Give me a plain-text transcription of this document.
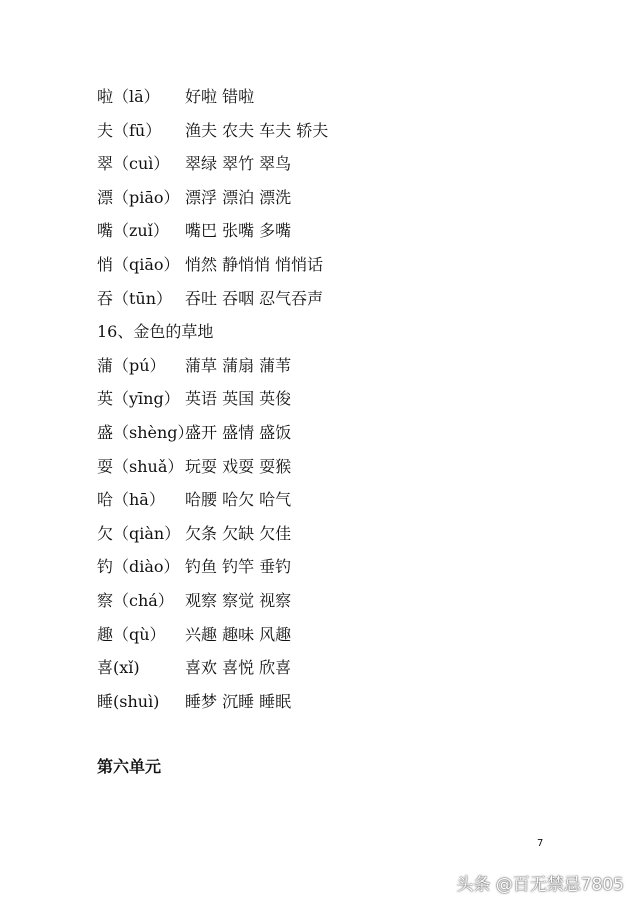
啦（lā） 好啦 错啦
夫（fū） 渔夫 农夫 车夫 轿夫
翠（cuì） 翠绿 翠竹 翠鸟
漂（piāo） 漂浮 漂泊 漂洗
嘴（zuǐ） 嘴巴 张嘴 多嘴
悄（qiāo） 悄然 静悄悄 悄悄话
吞（tūn） 吞吐 吞咽 忍气吞声
16、金色的草地
蒲（pú） 蒲草 蒲扇 蒲苇
英（yīng） 英语 英国 英俊
盛（shèng）盛开 盛情 盛饭
耍（shuǎ） 玩耍 戏耍 耍猴
哈（hā） 哈腰 哈欠 哈气
欠（qiàn） 欠条 欠缺 欠佳
钓（diào） 钓鱼 钓竿 垂钓
察（chá） 观察 察觉 视察
趣（qù） 兴趣 趣味 风趣
喜(xǐ)	喜欢 喜悦 欣喜
睡(shuì) 睡梦 沉睡 睡眠
第六单元
7
头条 @百无禁忌7805
